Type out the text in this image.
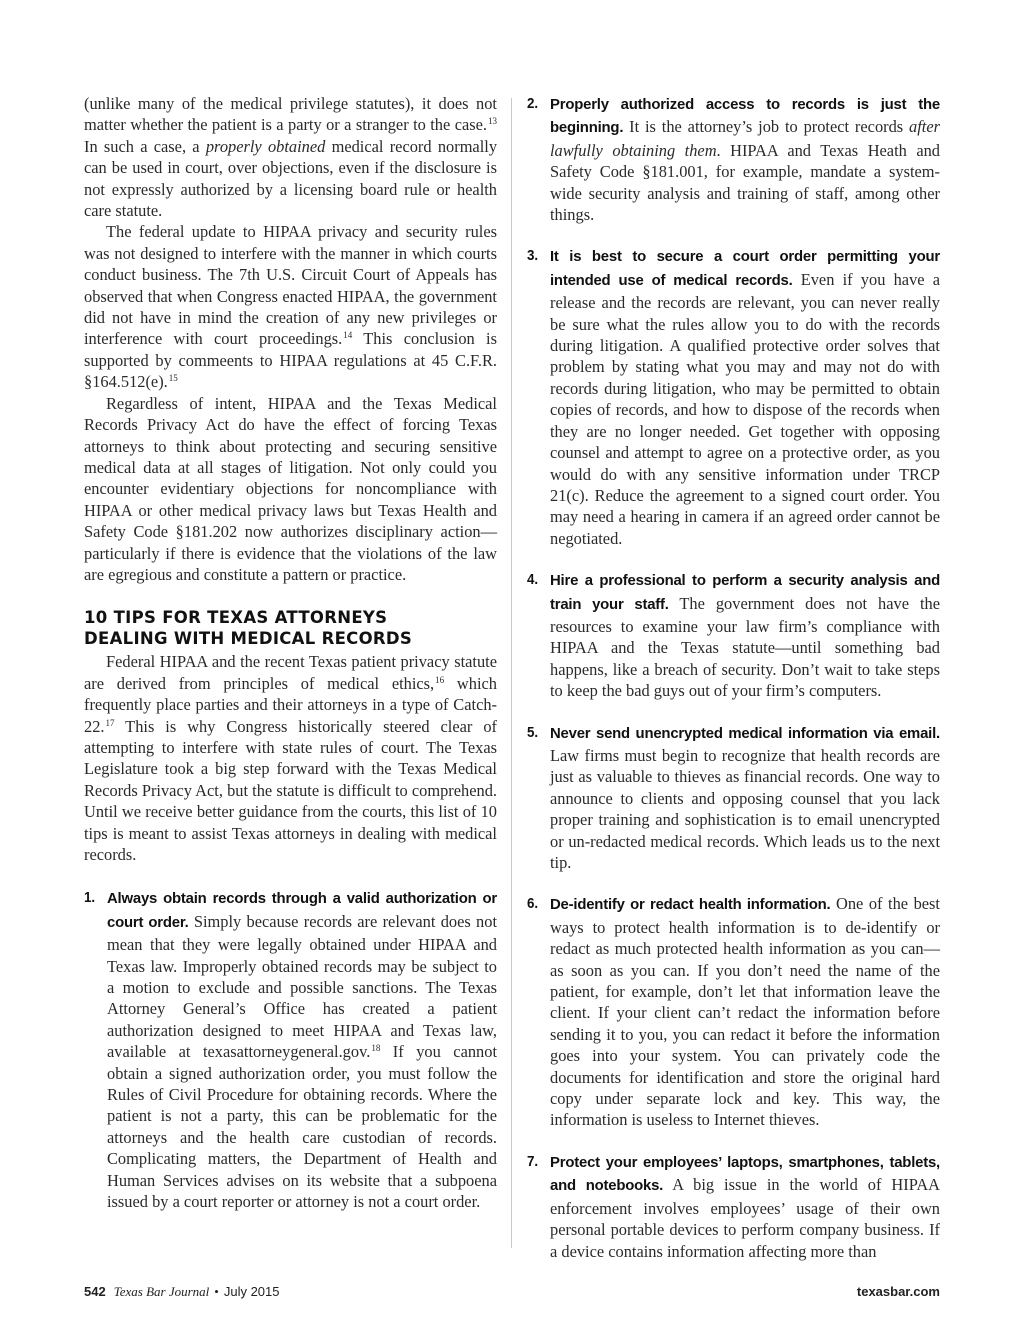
(unlike many of the medical privilege statutes), it does not matter whether the patient is a party or a stranger to the case.$^{13}$ In such a case, a properly obtained medical record normally can be used in court, over objections, even if the disclosure is not expressly authorized by a licensing board rule or health care statute.

The federal update to HIPAA privacy and security rules was not designed to interfere with the manner in which courts conduct business. The 7th U.S. Circuit Court of Appeals has observed that when Congress enacted HIPAA, the government did not have in mind the creation of any new privileges or interference with court proceedings.$^{14}$ This conclusion is supported by commeents to HIPAA regulations at 45 C.F.R. §164.512(e).$^{15}$

Regardless of intent, HIPAA and the Texas Medical Records Privacy Act do have the effect of forcing Texas attorneys to think about protecting and securing sensitive medical data at all stages of litigation. Not only could you encounter evidentiary objections for noncompliance with HIPAA or other medical privacy laws but Texas Health and Safety Code §181.202 now authorizes disciplinary action—particularly if there is evidence that the violations of the law are egregious and constitute a pattern or practice.

10 TIPS FOR TEXAS ATTORNEYS
DEALING WITH MEDICAL RECORDS

Federal HIPAA and the recent Texas patient privacy statute are derived from principles of medical ethics,$^{16}$ which frequently place parties and their attorneys in a type of Catch-22.17 This is why Congress historically steered clear of attempting to interfere with state rules of court. The Texas Legislature took a big step forward with the Texas Medical Records Privacy Act, but the statute is difficult to comprehend. Until we receive better guidance from the courts, this list of 10 tips is meant to assist Texas attorneys in dealing with medical records.

1. Always obtain records through a valid authorization or court order. Simply because records are relevant does not mean that they were legally obtained under HIPAA and Texas law. Improperly obtained records may be subject to a motion to exclude and possible sanctions. The Texas Attorney General’s Office has created a patient authorization designed to meet HIPAA and Texas law, available at texasattorneygeneral.gov.$^{18}$ If you cannot obtain a signed authorization order, you must follow the Rules of Civil Procedure for obtaining records. Where the patient is not a party, this can be problematic for the attorneys and the health care custodian of records. Complicating matters, the Department of Health and Human Services advises on its website that a subpoena issued by a court reporter or attorney is not a court order.

2. Properly authorized access to records is just the beginning. It is the attorney’s job to protect records after lawfully obtaining them. HIPAA and Texas Heath and Safety Code §181.001, for example, mandate a system-wide security analysis and training of staff, among other things.

3. It is best to secure a court order permitting your intended use of medical records. Even if you have a release and the records are relevant, you can never really be sure what the rules allow you to do with the records during litigation. A qualified protective order solves that problem by stating what you may and may not do with records during litigation, who may be permitted to obtain copies of records, and how to dispose of the records when they are no longer needed. Get together with opposing counsel and attempt to agree on a protective order, as you would do with any sensitive information under TRCP 21(c). Reduce the agreement to a signed court order. You may need a hearing in camera if an agreed order cannot be negotiated.

4. Hire a professional to perform a security analysis and train your staff. The government does not have the resources to examine your law firm’s compliance with HIPAA and the Texas statute—until something bad happens, like a breach of security. Don’t wait to take steps to keep the bad guys out of your firm’s computers.

5. Never send unencrypted medical information via email. Law firms must begin to recognize that health records are just as valuable to thieves as financial records. One way to announce to clients and opposing counsel that you lack proper training and sophistication is to email unencrypted or un-redacted medical records. Which leads us to the next tip.

6. De-identify or redact health information. One of the best ways to protect health information is to de-identify or redact as much protected health information as you can—as soon as you can. If you don’t need the name of the patient, for example, don’t let that information leave the client. If your client can’t redact the information before sending it to you, you can redact it before the information goes into your system. You can privately code the documents for identification and store the original hard copy under separate lock and key. This way, the information is useless to Internet thieves.

7. Protect your employees’ laptops, smartphones, tablets, and notebooks. A big issue in the world of HIPAA enforcement involves employees’ usage of their own personal portable devices to perform company business. If a device contains information affecting more than

542 Texas Bar Journal • July 2015	texasbar.com
